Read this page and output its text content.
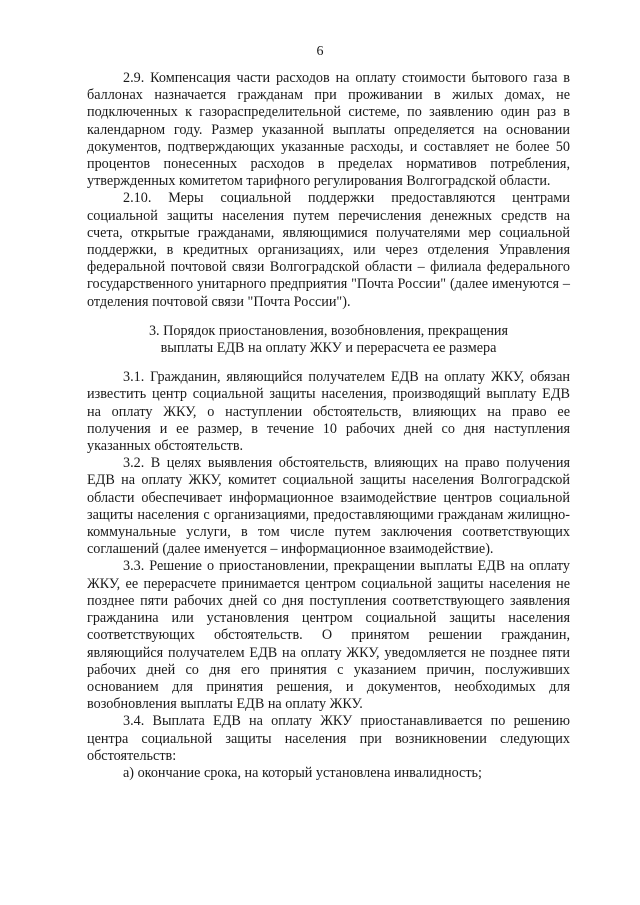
6

2.9. Компенсация части расходов на оплату стоимости бытового газа в баллонах назначается гражданам при проживании в жилых домах, не подключенных к газораспределительной системе, по заявлению один раз в календарном году. Размер указанной выплаты определяется на основании документов, подтверждающих указанные расходы, и составляет не более 50 процентов понесенных расходов в пределах нормативов потребления, утвержденных комитетом тарифного регулирования Волгоградской области.

2.10. Меры социальной поддержки предоставляются центрами социальной защиты населения путем перечисления денежных средств на счета, открытые гражданами, являющимися получателями мер социальной поддержки, в кредитных организациях, или через отделения Управления федеральной почтовой связи Волгоградской области – филиала федерального государственного унитарного предприятия "Почта России" (далее именуются – отделения почтовой связи "Почта России").

3. Порядок приостановления, возобновления, прекращения
выплаты ЕДВ на оплату ЖКУ и перерасчета ее размера

3.1. Гражданин, являющийся получателем ЕДВ на оплату ЖКУ, обязан известить центр социальной защиты населения, производящий выплату ЕДВ на оплату ЖКУ, о наступлении обстоятельств, влияющих на право ее получения и ее размер, в течение 10 рабочих дней со дня наступления указанных обстоятельств.

3.2. В целях выявления обстоятельств, влияющих на право получения ЕДВ на оплату ЖКУ, комитет социальной защиты населения Волгоградской области обеспечивает информационное взаимодействие центров социальной защиты населения с организациями, предоставляющими гражданам жилищно-коммунальные услуги, в том числе путем заключения соответствующих соглашений (далее именуется – информационное взаимодействие).

3.3. Решение о приостановлении, прекращении выплаты ЕДВ на оплату ЖКУ, ее перерасчете принимается центром социальной защиты населения не позднее пяти рабочих дней со дня поступления соответствующего заявления гражданина или установления центром социальной защиты населения соответствующих обстоятельств. О принятом решении гражданин, являющийся получателем ЕДВ на оплату ЖКУ, уведомляется не позднее пяти рабочих дней со дня его принятия с указанием причин, послуживших основанием для принятия решения, и документов, необходимых для возобновления выплаты ЕДВ на оплату ЖКУ.

3.4. Выплата ЕДВ на оплату ЖКУ приостанавливается по решению центра социальной защиты населения при возникновении следующих обстоятельств:

а) окончание срока, на который установлена инвалидность;
